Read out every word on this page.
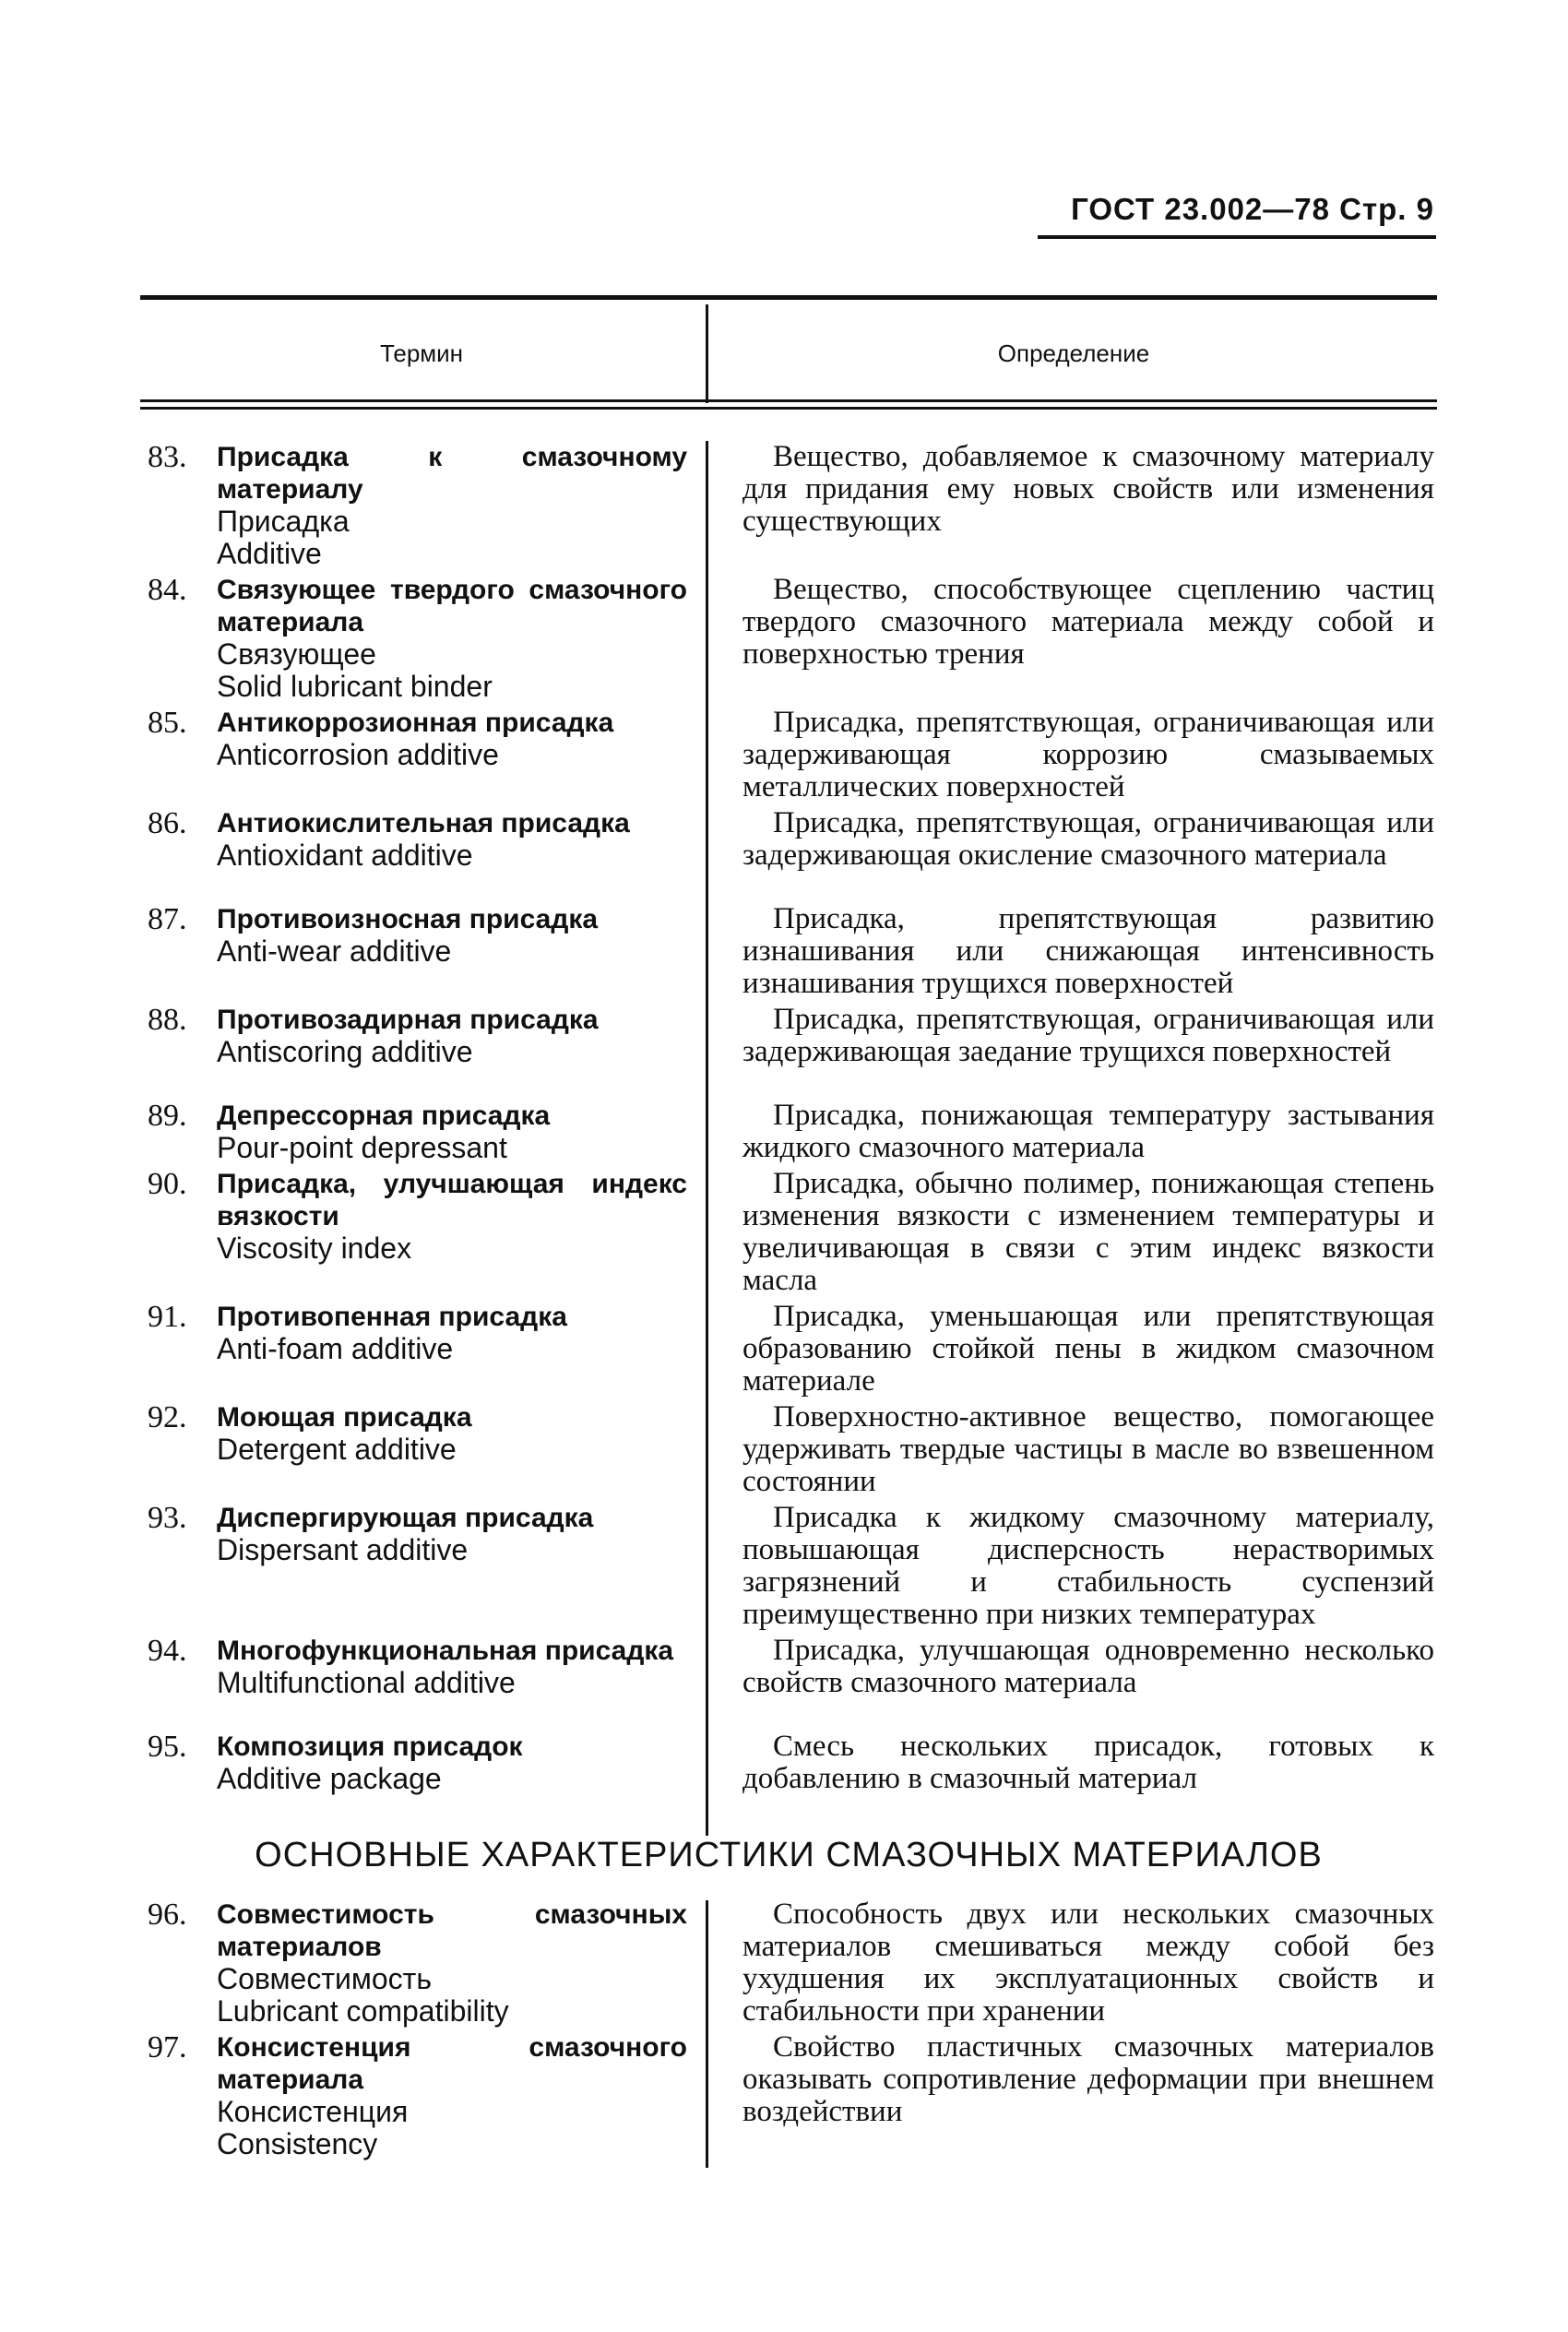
ГОСТ 23.002—78 Стр. 9
Термин	Определение
83. Присадка к смазочному материалу
Присадка
Additive
Вещество, добавляемое к смазочному материалу для придания ему новых свойств или изменения существующих
84. Связующее твердого смазочного материала
Связующее
Solid lubricant binder
Вещество, способствующее сцеплению частиц твердого смазочного материала между собой и поверхностью трения
85. Антикоррозионная присадка
Anticorrosion additive
Присадка, препятствующая, ограничивающая или задерживающая коррозию смазываемых металлических поверхностей
86. Антиокислительная присадка
Antioxidant additive
Присадка, препятствующая, ограничивающая или задерживающая окисление смазочного материала
87. Противоизносная присадка
Anti-wear additive
Присадка, препятствующая развитию изнашивания или снижающая интенсивность изнашивания трущихся поверхностей
88. Противозадирная присадка
Antiscoring additive
Присадка, препятствующая, ограничивающая или задерживающая заедание трущихся поверхностей
89. Депрессорная присадка
Pour-point depressant
Присадка, понижающая температуру застывания жидкого смазочного материала
90. Присадка, улучшающая индекс вязкости
Viscosity index
Присадка, обычно полимер, понижающая степень изменения вязкости с изменением температуры и увеличивающая в связи с этим индекс вязкости масла
91. Противопенная присадка
Anti-foam additive
Присадка, уменьшающая или препятствующая образованию стойкой пены в жидком смазочном материале
92. Моющая присадка
Detergent additive
Поверхностно-активное вещество, помогающее удерживать твердые частицы в масле во взвешенном состоянии
93. Диспергирующая присадка
Dispersant additive
Присадка к жидкому смазочному материалу, повышающая дисперсность нерастворимых загрязнений и стабильность суспензий преимущественно при низких температурах
94. Многофункциональная присадка
Multifunctional additive
Присадка, улучшающая одновременно несколько свойств смазочного материала
95. Композиция присадок
Additive package
Смесь нескольких присадок, готовых к добавлению в смазочный материал
ОСНОВНЫЕ ХАРАКТЕРИСТИКИ СМАЗОЧНЫХ МАТЕРИАЛОВ
96. Совместимость смазочных материалов
Совместимость
Lubricant compatibility
Способность двух или нескольких смазочных материалов смешиваться между собой без ухудшения их эксплуатационных свойств и стабильности при хранении
97. Консистенция смазочного материала
Консистенция
Consistency
Свойство пластичных смазочных материалов оказывать сопротивление деформации при внешнем воздействии
